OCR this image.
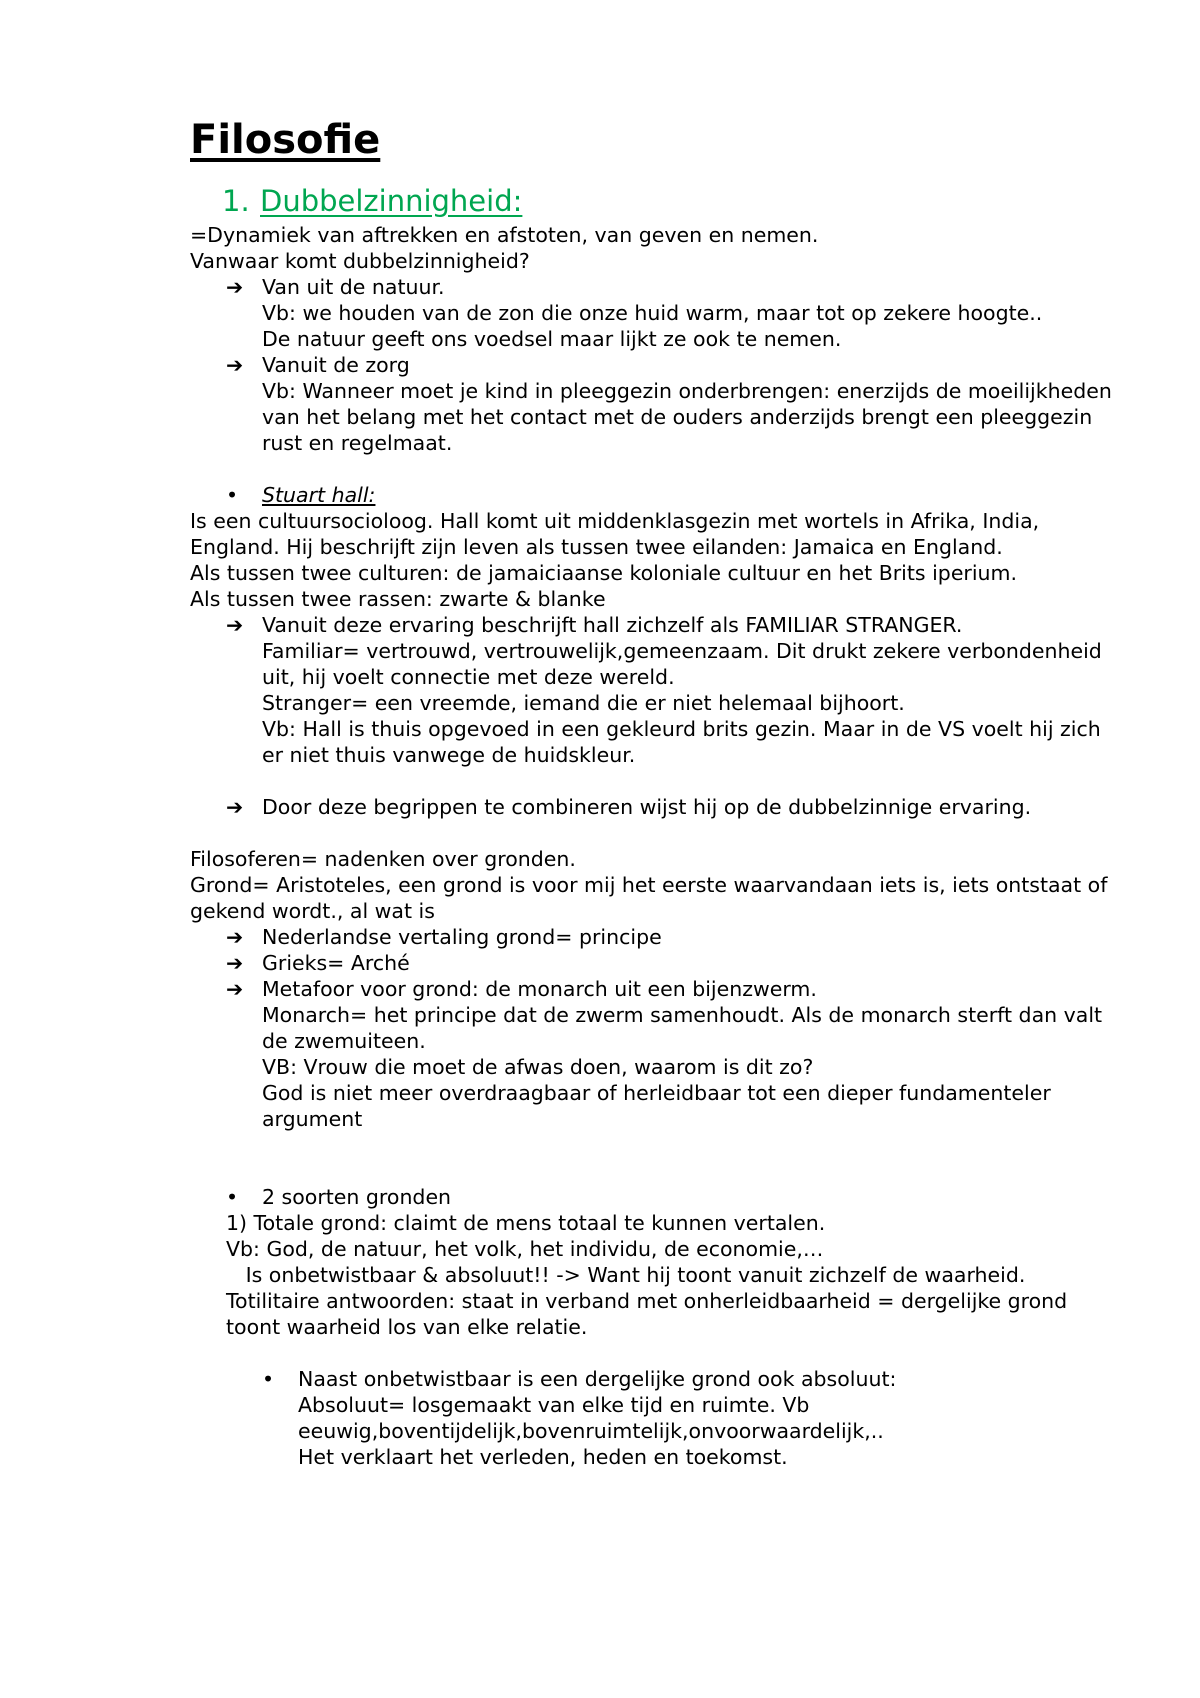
Filosofie
1. Dubbelzinnigheid:

=Dynamiek van aftrekken en afstoten, van geven en nemen.

Vanwaar komt dubbelzinnigheid?

➔ Van uit de natuur.
Vb: we houden van de zon die onze huid warm, maar tot op zekere hoogte..
De natuur geeft ons voedsel maar lijkt ze ook te nemen.
➔ Vanuit de zorg
Vb: Wanneer moet je kind in pleeggezin onderbrengen: enerzijds de moeilijkheden van het belang met het contact met de ouders anderzijds brengt een pleeggezin rust en regelmaat.
•	Stuart hall:

Is een cultuursocioloog. Hall komt uit middenklasgezin met wortels in Afrika, India, England. Hij beschrijft zijn leven als tussen twee eilanden: Jamaica en England.

Als tussen twee culturen: de jamaiciaanse koloniale cultuur en het Brits iperium.

Als tussen twee rassen: zwarte & blanke

➔ Vanuit deze ervaring beschrijft hall zichzelf als FAMILIAR STRANGER.
Familiar= vertrouwd, vertrouwelijk,gemeenzaam. Dit drukt zekere verbondenheid uit, hij voelt connectie met deze wereld.
Stranger= een vreemde, iemand die er niet helemaal bijhoort.
Vb: Hall is thuis opgevoed in een gekleurd brits gezin. Maar in de VS voelt hij zich er niet thuis vanwege de huidskleur.
➔ Door deze begrippen te combineren wijst hij op de dubbelzinnige ervaring.

Filosoferen= nadenken over gronden.

Grond= Aristoteles, een grond is voor mij het eerste waarvandaan iets is, iets ontstaat of gekend wordt., al wat is

➔ Nederlandse vertaling grond= principe
➔ Grieks= Arché
➔ Metafoor voor grond: de monarch uit een bijenzwerm.
Monarch= het principe dat de zwerm samenhoudt. Als de monarch sterft dan valt de zwemuiteen.
VB: Vrouw die moet de afwas doen, waarom is dit zo?
God is niet meer overdraagbaar of herleidbaar tot een dieper fundamenteler argument
•	2 soorten gronden
1) Totale grond: claimt de mens totaal te kunnen vertalen.
Vb: God, de natuur, het volk, het individu, de economie,…
Is onbetwistbaar & absoluut!! -> Want hij toont vanuit zichzelf de waarheid.
Totilitaire antwoorden: staat in verband met onherleidbaarheid = dergelijke grond toont waarheid los van elke relatie.
•	Naast onbetwistbaar is een dergelijke grond ook absoluut:
Absoluut= losgemaakt van elke tijd en ruimte. Vb eeuwig,boventijdelijk,bovenruimtelijk,onvoorwaardelijk,..
Het verklaart het verleden, heden en toekomst.
